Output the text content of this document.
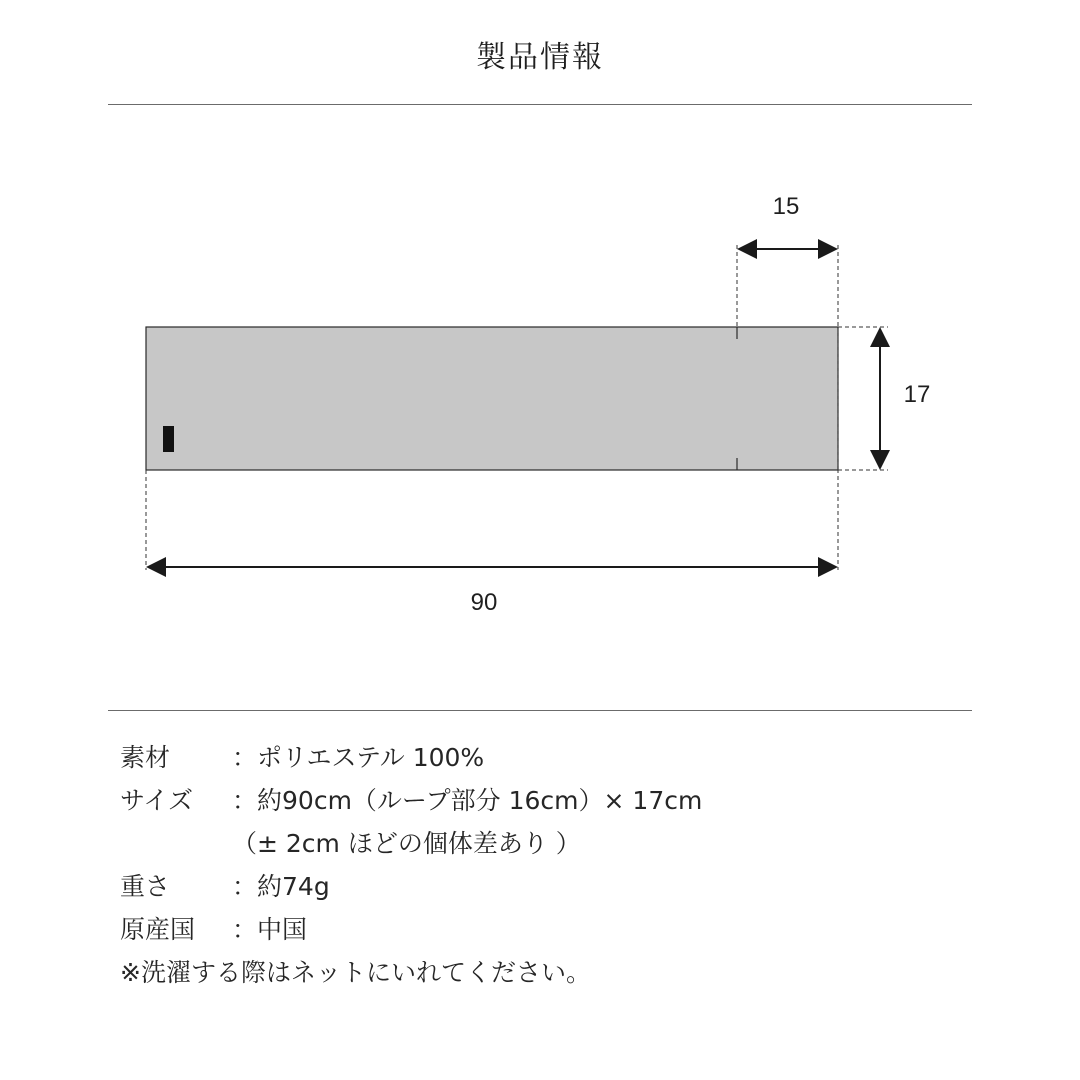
製品情報
15
17
90
素材	： ポリエステル 100%
サイズ	： 約90cm（ループ部分 16cm）× 17cm
（± 2cm ほどの個体差あり ）
重さ	： 約74g
原産国	： 中国
※洗濯する際はネットにいれてください。
